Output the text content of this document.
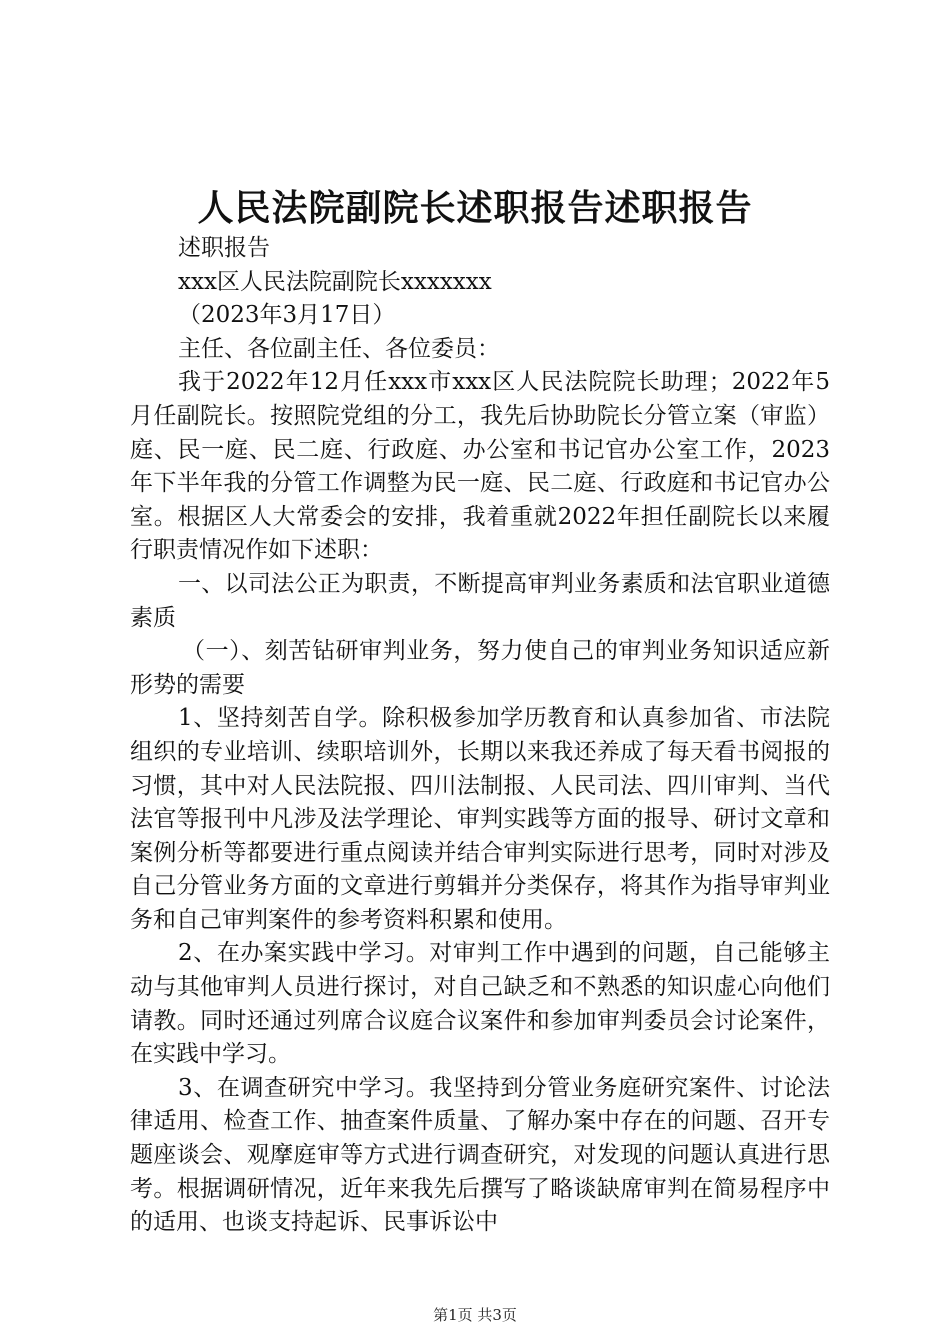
人民法院副院长述职报告述职报告

述职报告

xxx区人民法院副院长xxxxxxx

（2023年3月17日）

主任、各位副主任、各位委员：

我于2022年12月任xxx市xxx区人民法院院长助理；2022年5月任副院长。按照院党组的分工，我先后协助院长分管立案（审监）庭、民一庭、民二庭、行政庭、办公室和书记官办公室工作，2023年下半年我的分管工作调整为民一庭、民二庭、行政庭和书记官办公室。根据区人大常委会的安排，我着重就2022年担任副院长以来履行职责情况作如下述职：

一、以司法公正为职责，不断提高审判业务素质和法官职业道德素质

（一）、刻苦钻研审判业务，努力使自己的审判业务知识适应新形势的需要

1、坚持刻苦自学。除积极参加学历教育和认真参加省、市法院组织的专业培训、续职培训外，长期以来我还养成了每天看书阅报的习惯，其中对人民法院报、四川法制报、人民司法、四川审判、当代法官等报刊中凡涉及法学理论、审判实践等方面的报导、研讨文章和案例分析等都要进行重点阅读并结合审判实际进行思考，同时对涉及自己分管业务方面的文章进行剪辑并分类保存，将其作为指导审判业务和自己审判案件的参考资料积累和使用。

2、在办案实践中学习。对审判工作中遇到的问题，自己能够主动与其他审判人员进行探讨，对自己缺乏和不熟悉的知识虚心向他们请教。同时还通过列席合议庭合议案件和参加审判委员会讨论案件，在实践中学习。

3、在调查研究中学习。我坚持到分管业务庭研究案件、讨论法律适用、检查工作、抽查案件质量、了解办案中存在的问题、召开专题座谈会、观摩庭审等方式进行调查研究，对发现的问题认真进行思考。根据调研情况，近年来我先后撰写了略谈缺席审判在简易程序中的适用、也谈支持起诉、民事诉讼中

第1页 共3页
